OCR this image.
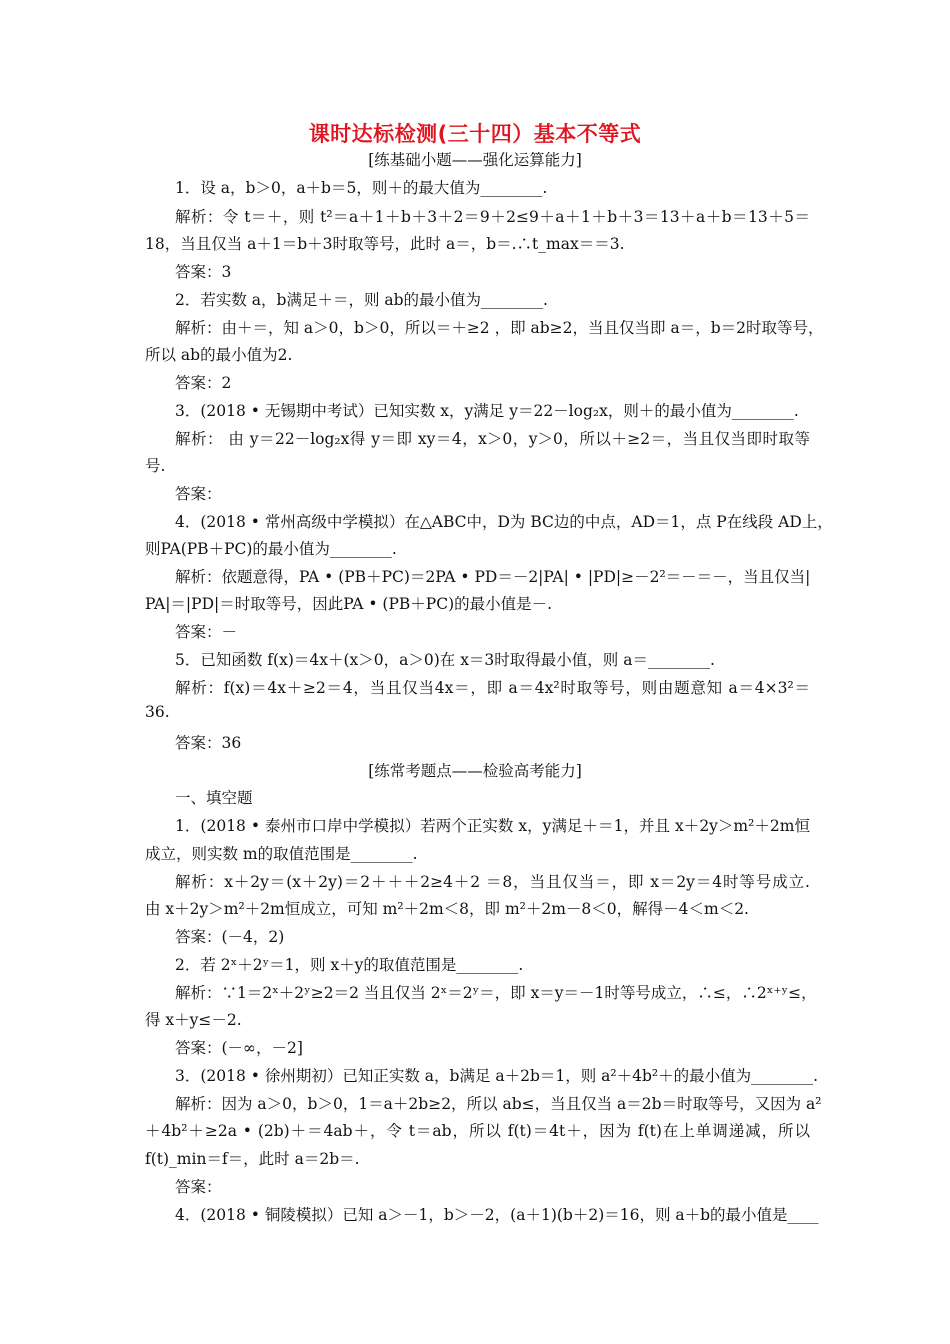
课时达标检测(三十四）基本不等式
[练基础小题——强化运算能力]
1．设 a，b＞0，a＋b＝5，则＋的最大值为________.
解析：令 t＝＋，则 t²＝a＋1＋b＋3＋2＝9＋2≤9＋a＋1＋b＋3＝13＋a＋b＝13＋5＝
18，当且仅当 a＋1＝b＋3时取等号，此时 a＝，b＝.∴t_max＝＝3.
答案：3
2．若实数 a，b满足＋＝，则 ab的最小值为________.
解析：由＋＝，知 a＞0，b＞0，所以＝＋≥2 ，即 ab≥2，当且仅当即 a＝，b＝2时取等号，
所以 ab的最小值为2.
答案：2
3．(2018 • 无锡期中考试）已知实数 x，y满足 y＝22－log₂x，则＋的最小值为________.
解析： 由 y＝22－log₂x得 y＝即 xy＝4，x＞0，y＞0，所以＋≥2＝，当且仅当即时取等
号.
答案：
4．(2018 • 常州高级中学模拟）在△ABC中，D为 BC边的中点，AD＝1，点 P在线段 AD上，
则PA(PB＋PC)的最小值为________.
解析：依题意得，PA • (PB＋PC)＝2PA • PD＝－2|PA| • |PD|≥－2²＝－＝－，当且仅当|
PA|＝|PD|＝时取等号，因此PA • (PB＋PC)的最小值是－.
答案：－
5．已知函数 f(x)＝4x＋(x＞0，a＞0)在 x＝3时取得最小值，则 a＝________.
解析：f(x)＝4x＋≥2＝4，当且仅当4x＝，即 a＝4x²时取等号，则由题意知 a＝4×3²＝
36.
答案：36
[练常考题点——检验高考能力]
一、填空题
1．(2018 • 泰州市口岸中学模拟）若两个正实数 x，y满足＋＝1，并且 x＋2y＞m²＋2m恒
成立，则实数 m的取值范围是________.
解析：x＋2y＝(x＋2y)＝2＋＋＋2≥4＋2 ＝8，当且仅当＝，即 x＝2y＝4时等号成立.
由 x＋2y＞m²＋2m恒成立，可知 m²＋2m＜8，即 m²＋2m－8＜0，解得－4＜m＜2.
答案：(－4，2)
2．若 2ˣ＋2ʸ＝1，则 x＋y的取值范围是________.
解析：∵1＝2ˣ＋2ʸ≥2＝2 当且仅当 2ˣ＝2ʸ＝，即 x＝y＝－1时等号成立，∴≤，∴2ˣ⁺ʸ≤，
得 x＋y≤－2.
答案：(－∞，－2]
3．(2018 • 徐州期初）已知正实数 a，b满足 a＋2b＝1，则 a²＋4b²＋的最小值为________.
解析：因为 a＞0，b＞0，1＝a＋2b≥2，所以 ab≤，当且仅当 a＝2b＝时取等号，又因为 a²
＋4b²＋≥2a • (2b)＋＝4ab＋，令 t＝ab，所以 f(t)＝4t＋，因为 f(t)在上单调递减，所以
f(t)_min＝f＝，此时 a＝2b＝.
答案：
4．(2018 • 铜陵模拟）已知 a＞－1，b＞－2，(a＋1)(b＋2)＝16，则 a＋b的最小值是____
